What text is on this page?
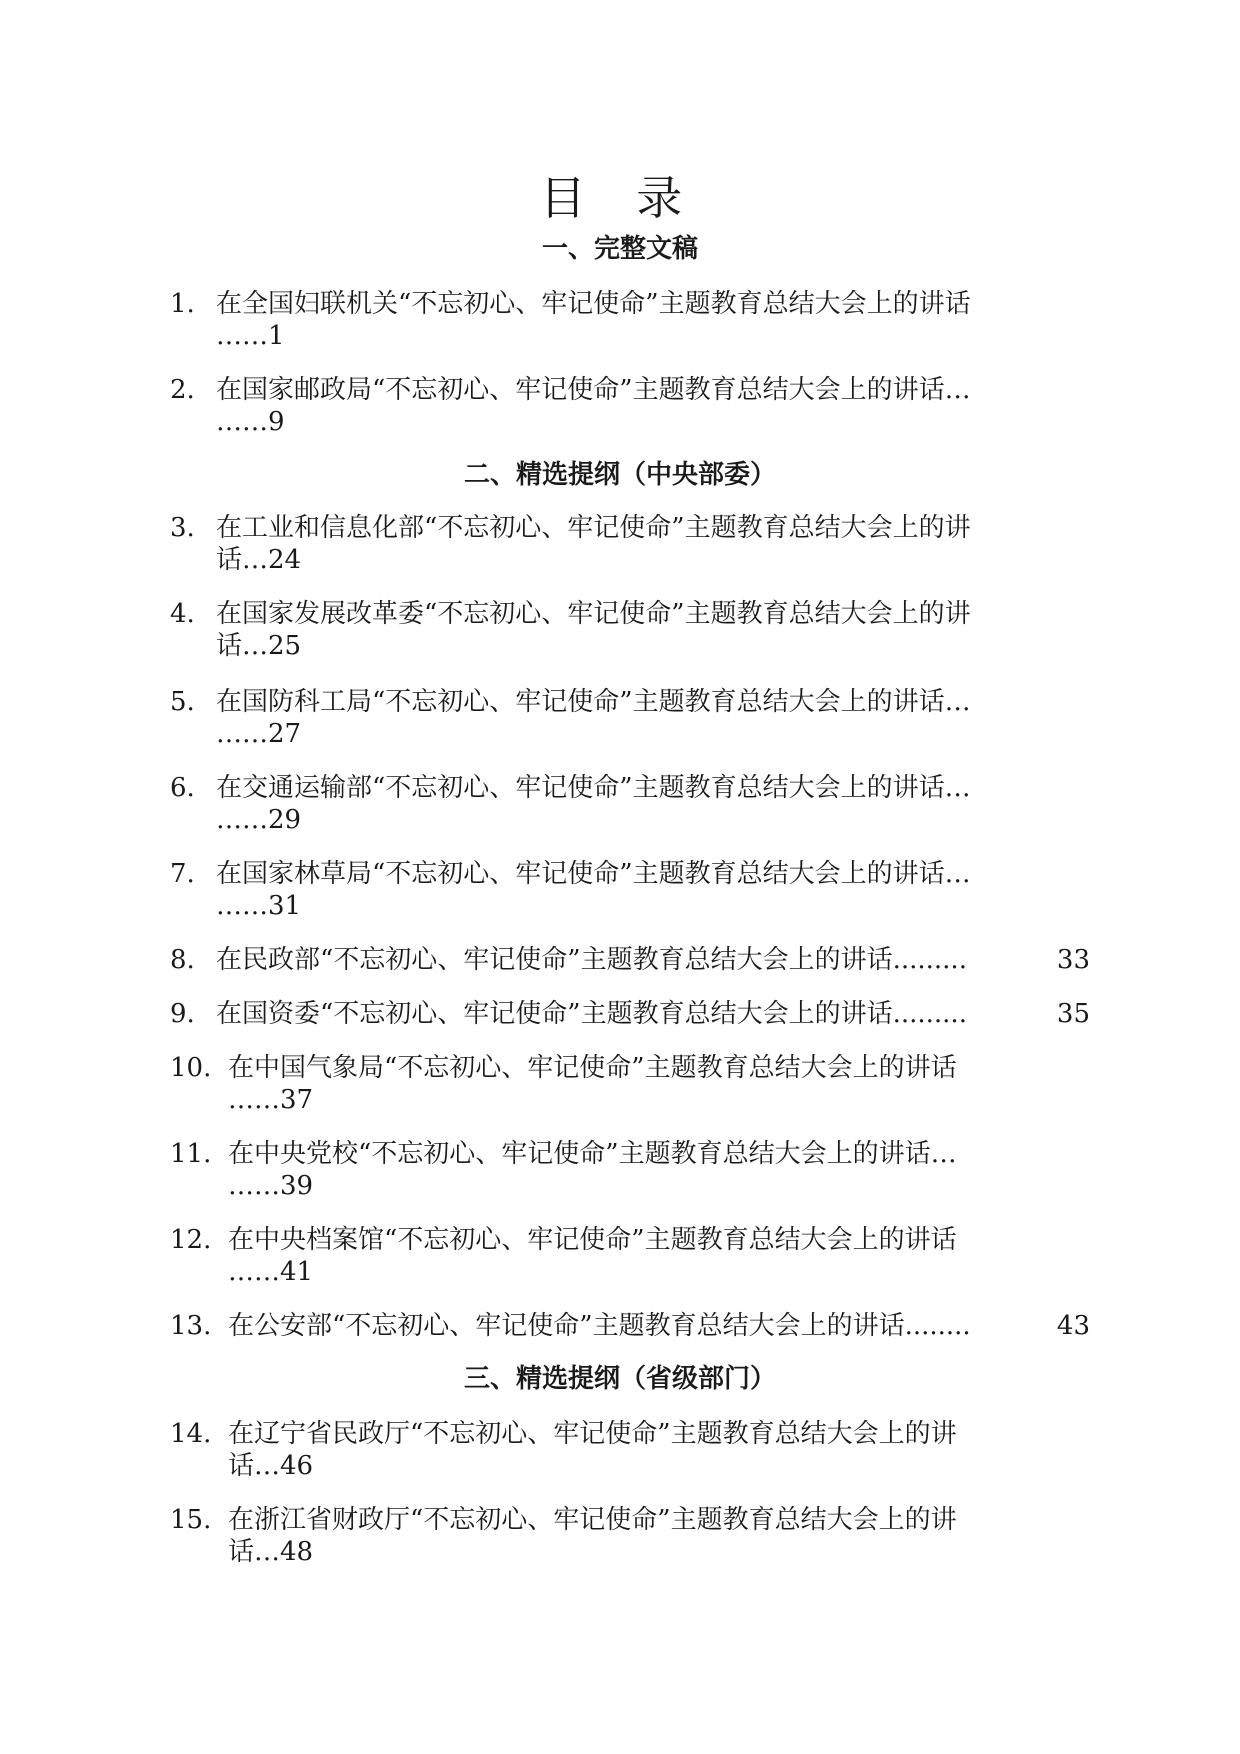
目 录
一、完整文稿
1. 在全国妇联机关“不忘初心、牢记使命”主题教育总结大会上的讲话
……1
2. 在国家邮政局“不忘初心、牢记使命”主题教育总结大会上的讲话…
……9
二、精选提纲（中央部委）
3. 在工业和信息化部“不忘初心、牢记使命”主题教育总结大会上的讲
话…24
4. 在国家发展改革委“不忘初心、牢记使命”主题教育总结大会上的讲
话…25
5. 在国防科工局“不忘初心、牢记使命”主题教育总结大会上的讲话…
……27
6. 在交通运输部“不忘初心、牢记使命”主题教育总结大会上的讲话…
……29
7. 在国家林草局“不忘初心、牢记使命”主题教育总结大会上的讲话…
……31
8. 在民政部“不忘初心、牢记使命”主题教育总结大会上的讲话.........	33
9. 在国资委“不忘初心、牢记使命”主题教育总结大会上的讲话.........	35
10. 在中国气象局“不忘初心、牢记使命”主题教育总结大会上的讲话
……37
11. 在中央党校“不忘初心、牢记使命”主题教育总结大会上的讲话…
……39
12. 在中央档案馆“不忘初心、牢记使命”主题教育总结大会上的讲话
……41
13. 在公安部“不忘初心、牢记使命”主题教育总结大会上的讲话........	43
三、精选提纲（省级部门）
14. 在辽宁省民政厅“不忘初心、牢记使命”主题教育总结大会上的讲
话…46
15. 在浙江省财政厅“不忘初心、牢记使命”主题教育总结大会上的讲
话…48
